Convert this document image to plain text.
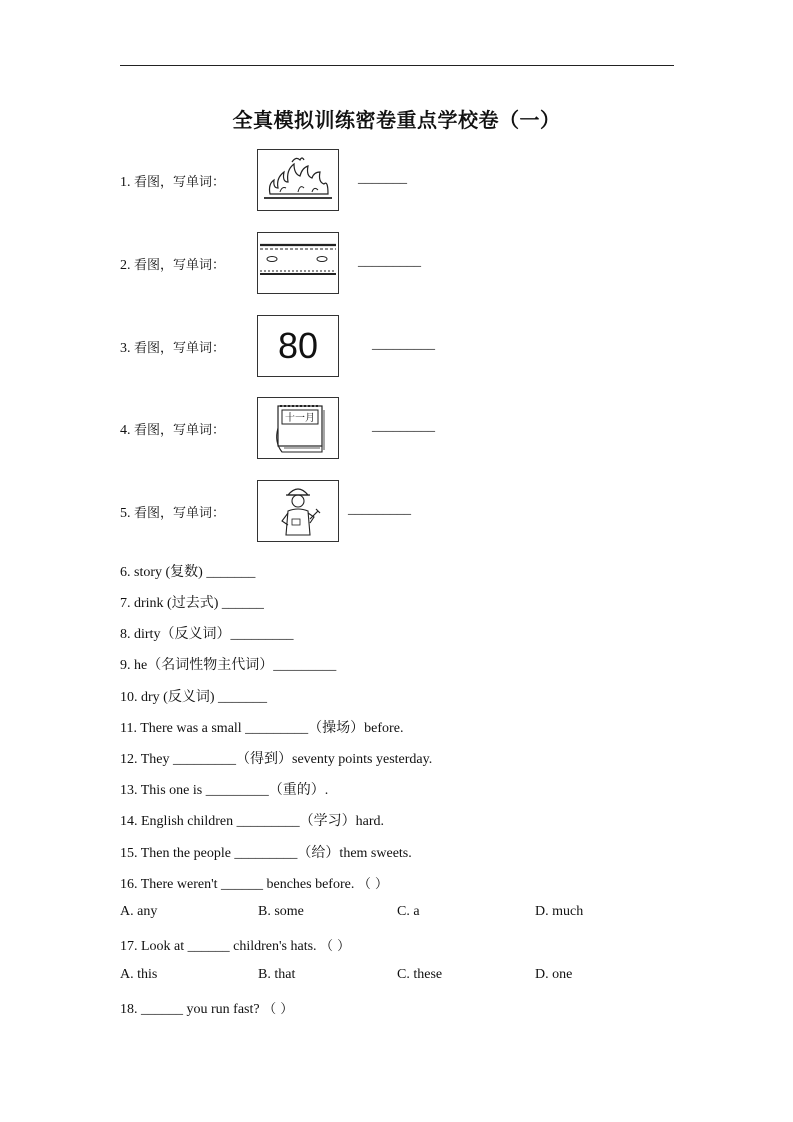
全真模拟训练密卷重点学校卷（一）
1. 看图，写单词：	_______
2. 看图，写单词：	_________
3. 看图，写单词： 80	_________
4. 看图，写单词：
十一月
_________
5. 看图，写单词：	_________
6. story (复数) _______
7. drink (过去式) ______
8. dirty（反义词）_________
9. he（名词性物主代词）_________
10. dry (反义词) _______
11. There was a small _________（操场）before.
12. They _________（得到）seventy points yesterday.
13. This one is _________（重的）.
14. English children _________（学习）hard.
15. Then the people _________（给）them sweets.
16. There weren't ______ benches before. （ ）
A. any	B. some	C. a	D. much
17. Look at ______ children's hats. （ ）
A. this	B. that	C. these	D. one
18. ______ you run fast? （ ）
